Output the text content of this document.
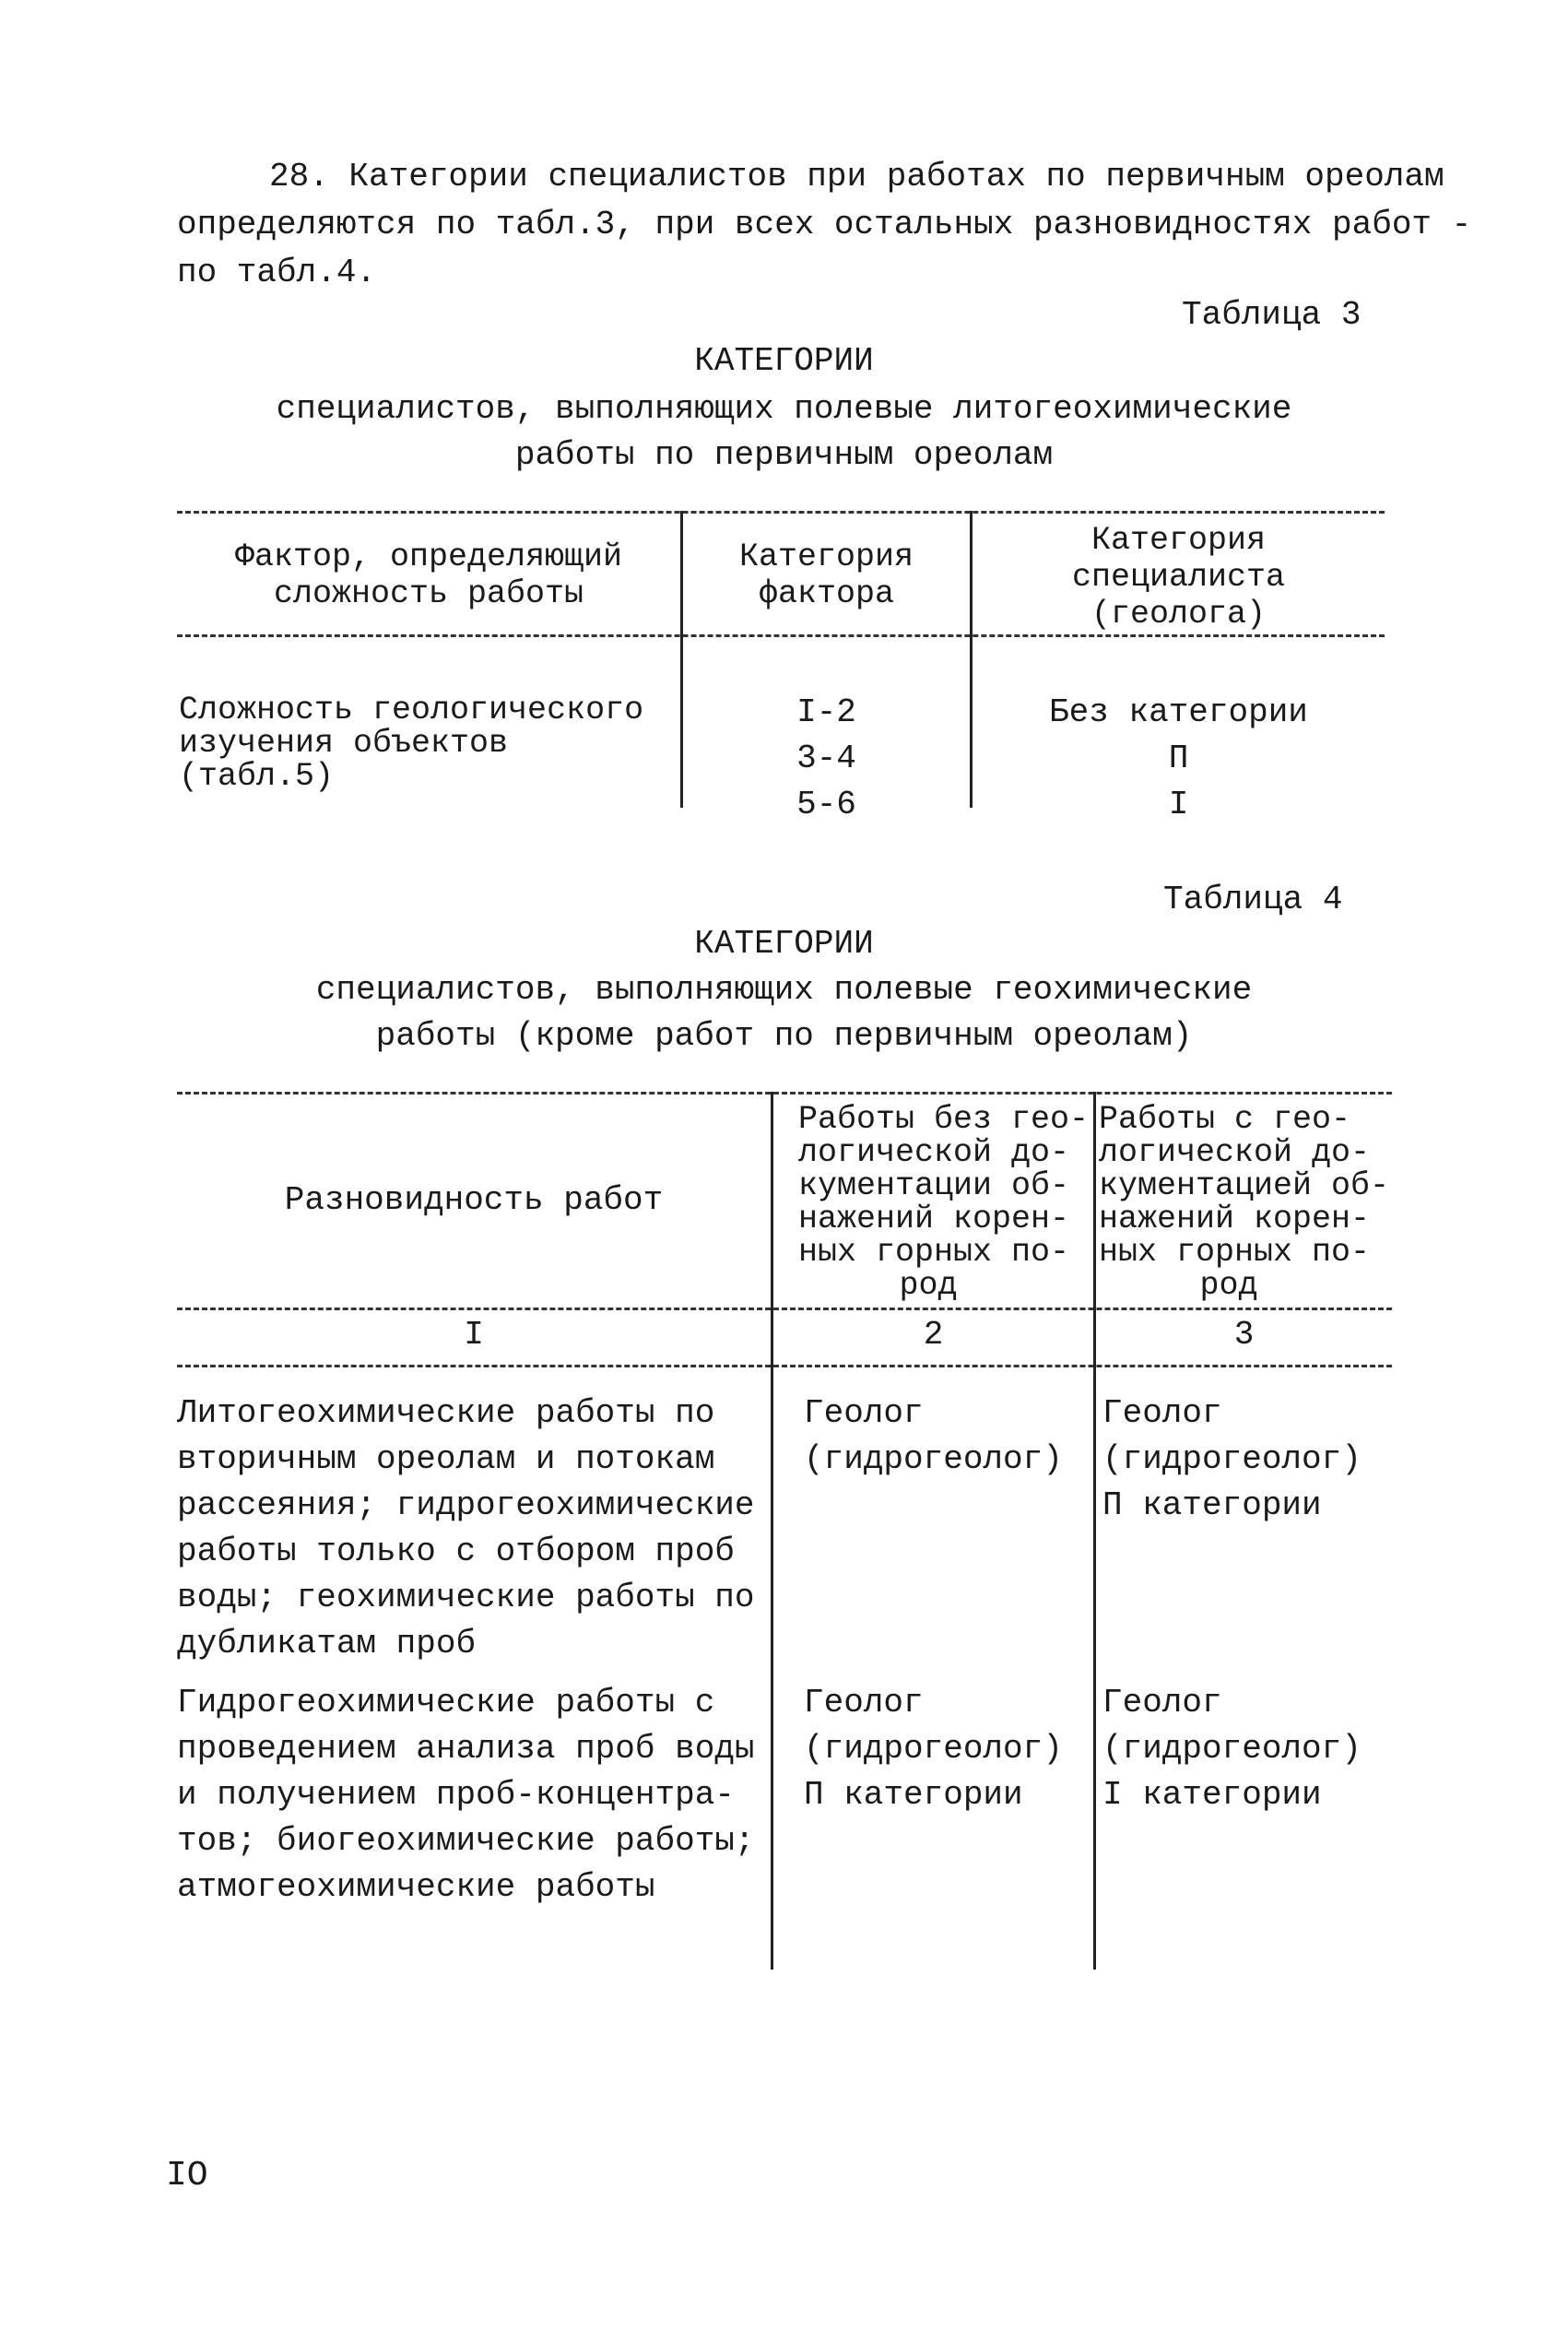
28. Категории специалистов при работах по первичным ореолам
определяются по табл.3, при всех остальных разновидностях работ -
по табл.4.
Таблица 3
КАТЕГОРИИ
специалистов, выполняющих полевые литогеохимические
работы по первичным ореолам
Фактор, определяющий
сложность работы
Категория
фактора
Категория
специалиста
(геолога)
Сложность геологического
изучения объектов
(табл.5)
I-2
3-4
5-6
Без категории
П
I
Таблица 4
КАТЕГОРИИ
специалистов, выполняющих полевые геохимические
работы (кроме работ по первичным ореолам)
Разновидность работ
Работы без гео-
логической до-
кументации об-
нажений корен-
ных горных по-
род
Работы с гео-
логической до-
кументацией об-
нажений корен-
ных горных по-
род
I	2	3
Литогеохимические работы по
вторичным ореолам и потокам
рассеяния; гидрогеохимические
работы только с отбором проб
воды; геохимические работы по
дубликатам проб
Геолог
(гидрогеолог)
Геолог
(гидрогеолог)
П категории
Гидрогеохимические работы с
проведением анализа проб воды
и получением проб-концентра-
тов; биогеохимические работы;
атмогеохимические работы
Геолог
(гидрогеолог)
П категории
Геолог
(гидрогеолог)
I категории
IO
